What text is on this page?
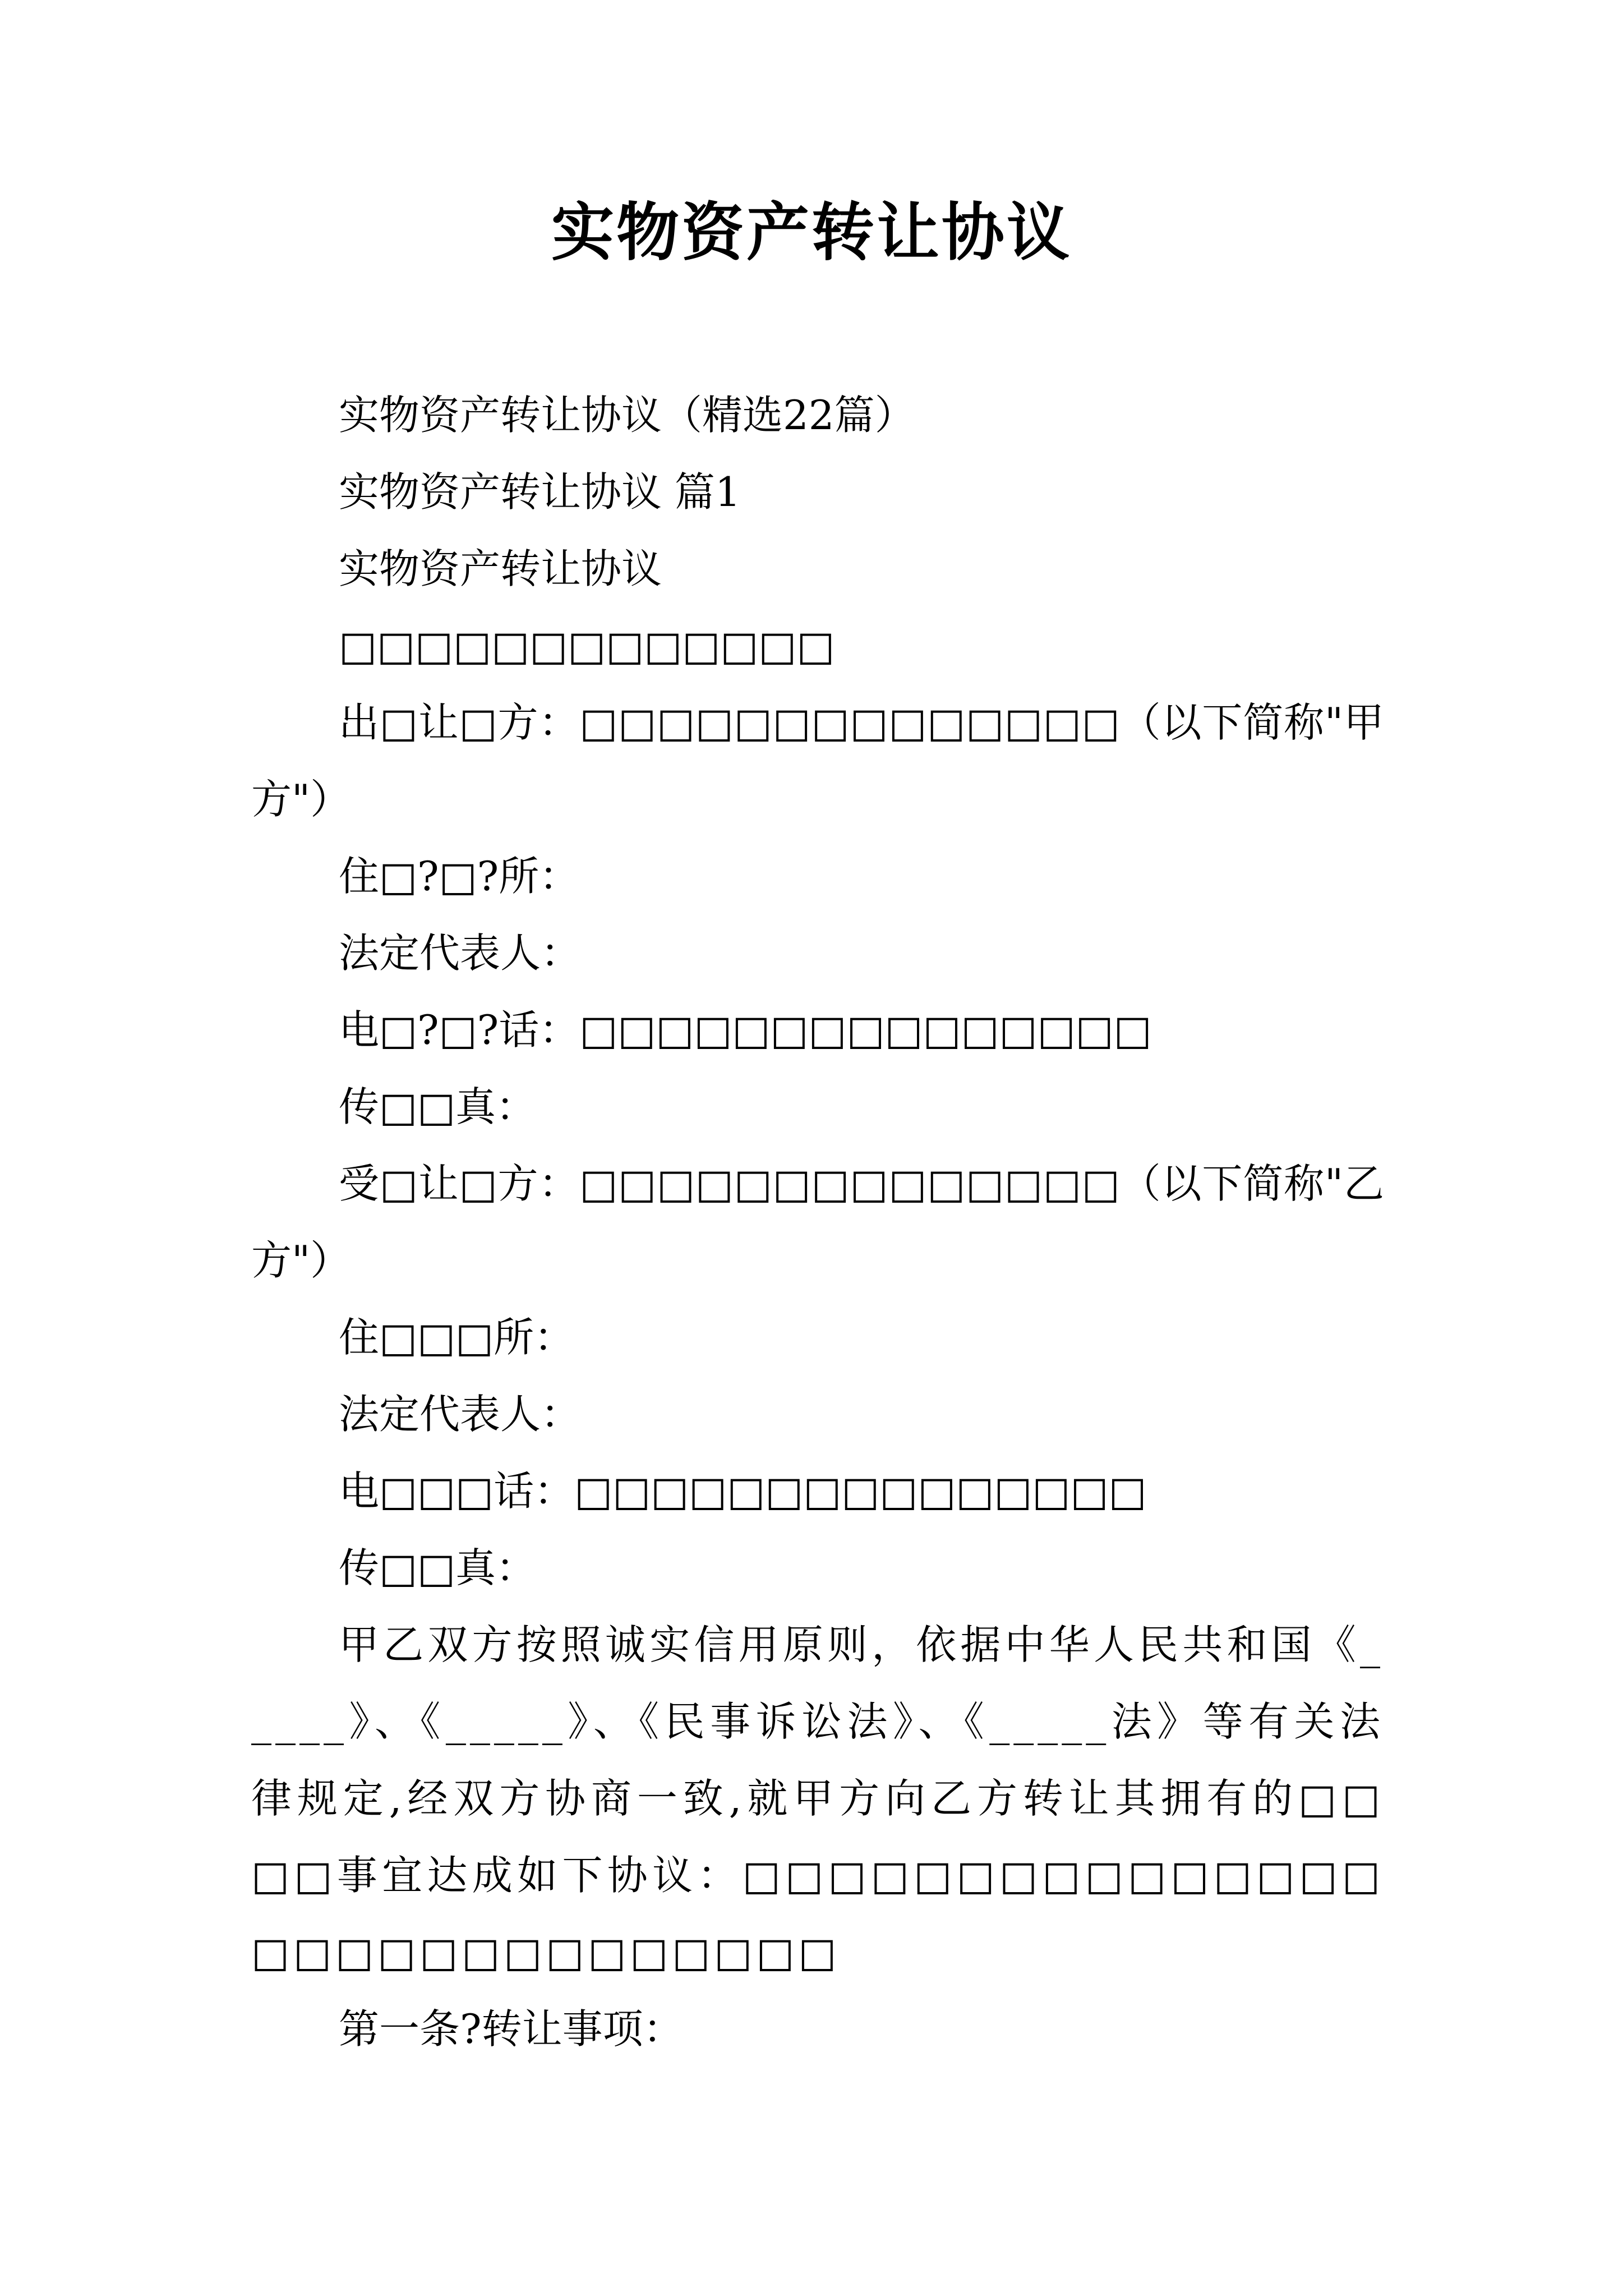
实物资产转让协议

实物资产转让协议（精选22篇）

实物资产转让协议 篇1

实物资产转让协议

□□□□□□□□□□□□□

出□让□方：□□□□□□□□□□□□□□（以下简称"甲方"）

住□?□?所：

法定代表人：

电□?□?话：□□□□□□□□□□□□□□□

传□□真：

受□让□方：□□□□□□□□□□□□□□（以下简称"乙方"）

住□□□所：

法定代表人：

电□□□话：□□□□□□□□□□□□□□□

传□□真：

甲乙双方按照诚实信用原则，依据中华人民共和国《_____》、《_____》、《民事诉讼法》、《_____法》等有关法律规定,经双方协商一致,就甲方向乙方转让其拥有的□□□□事宜达成如下协议：□□□□□□□□□□□□□□□□□□□□□□□□□□□□□

第一条?转让事项：
